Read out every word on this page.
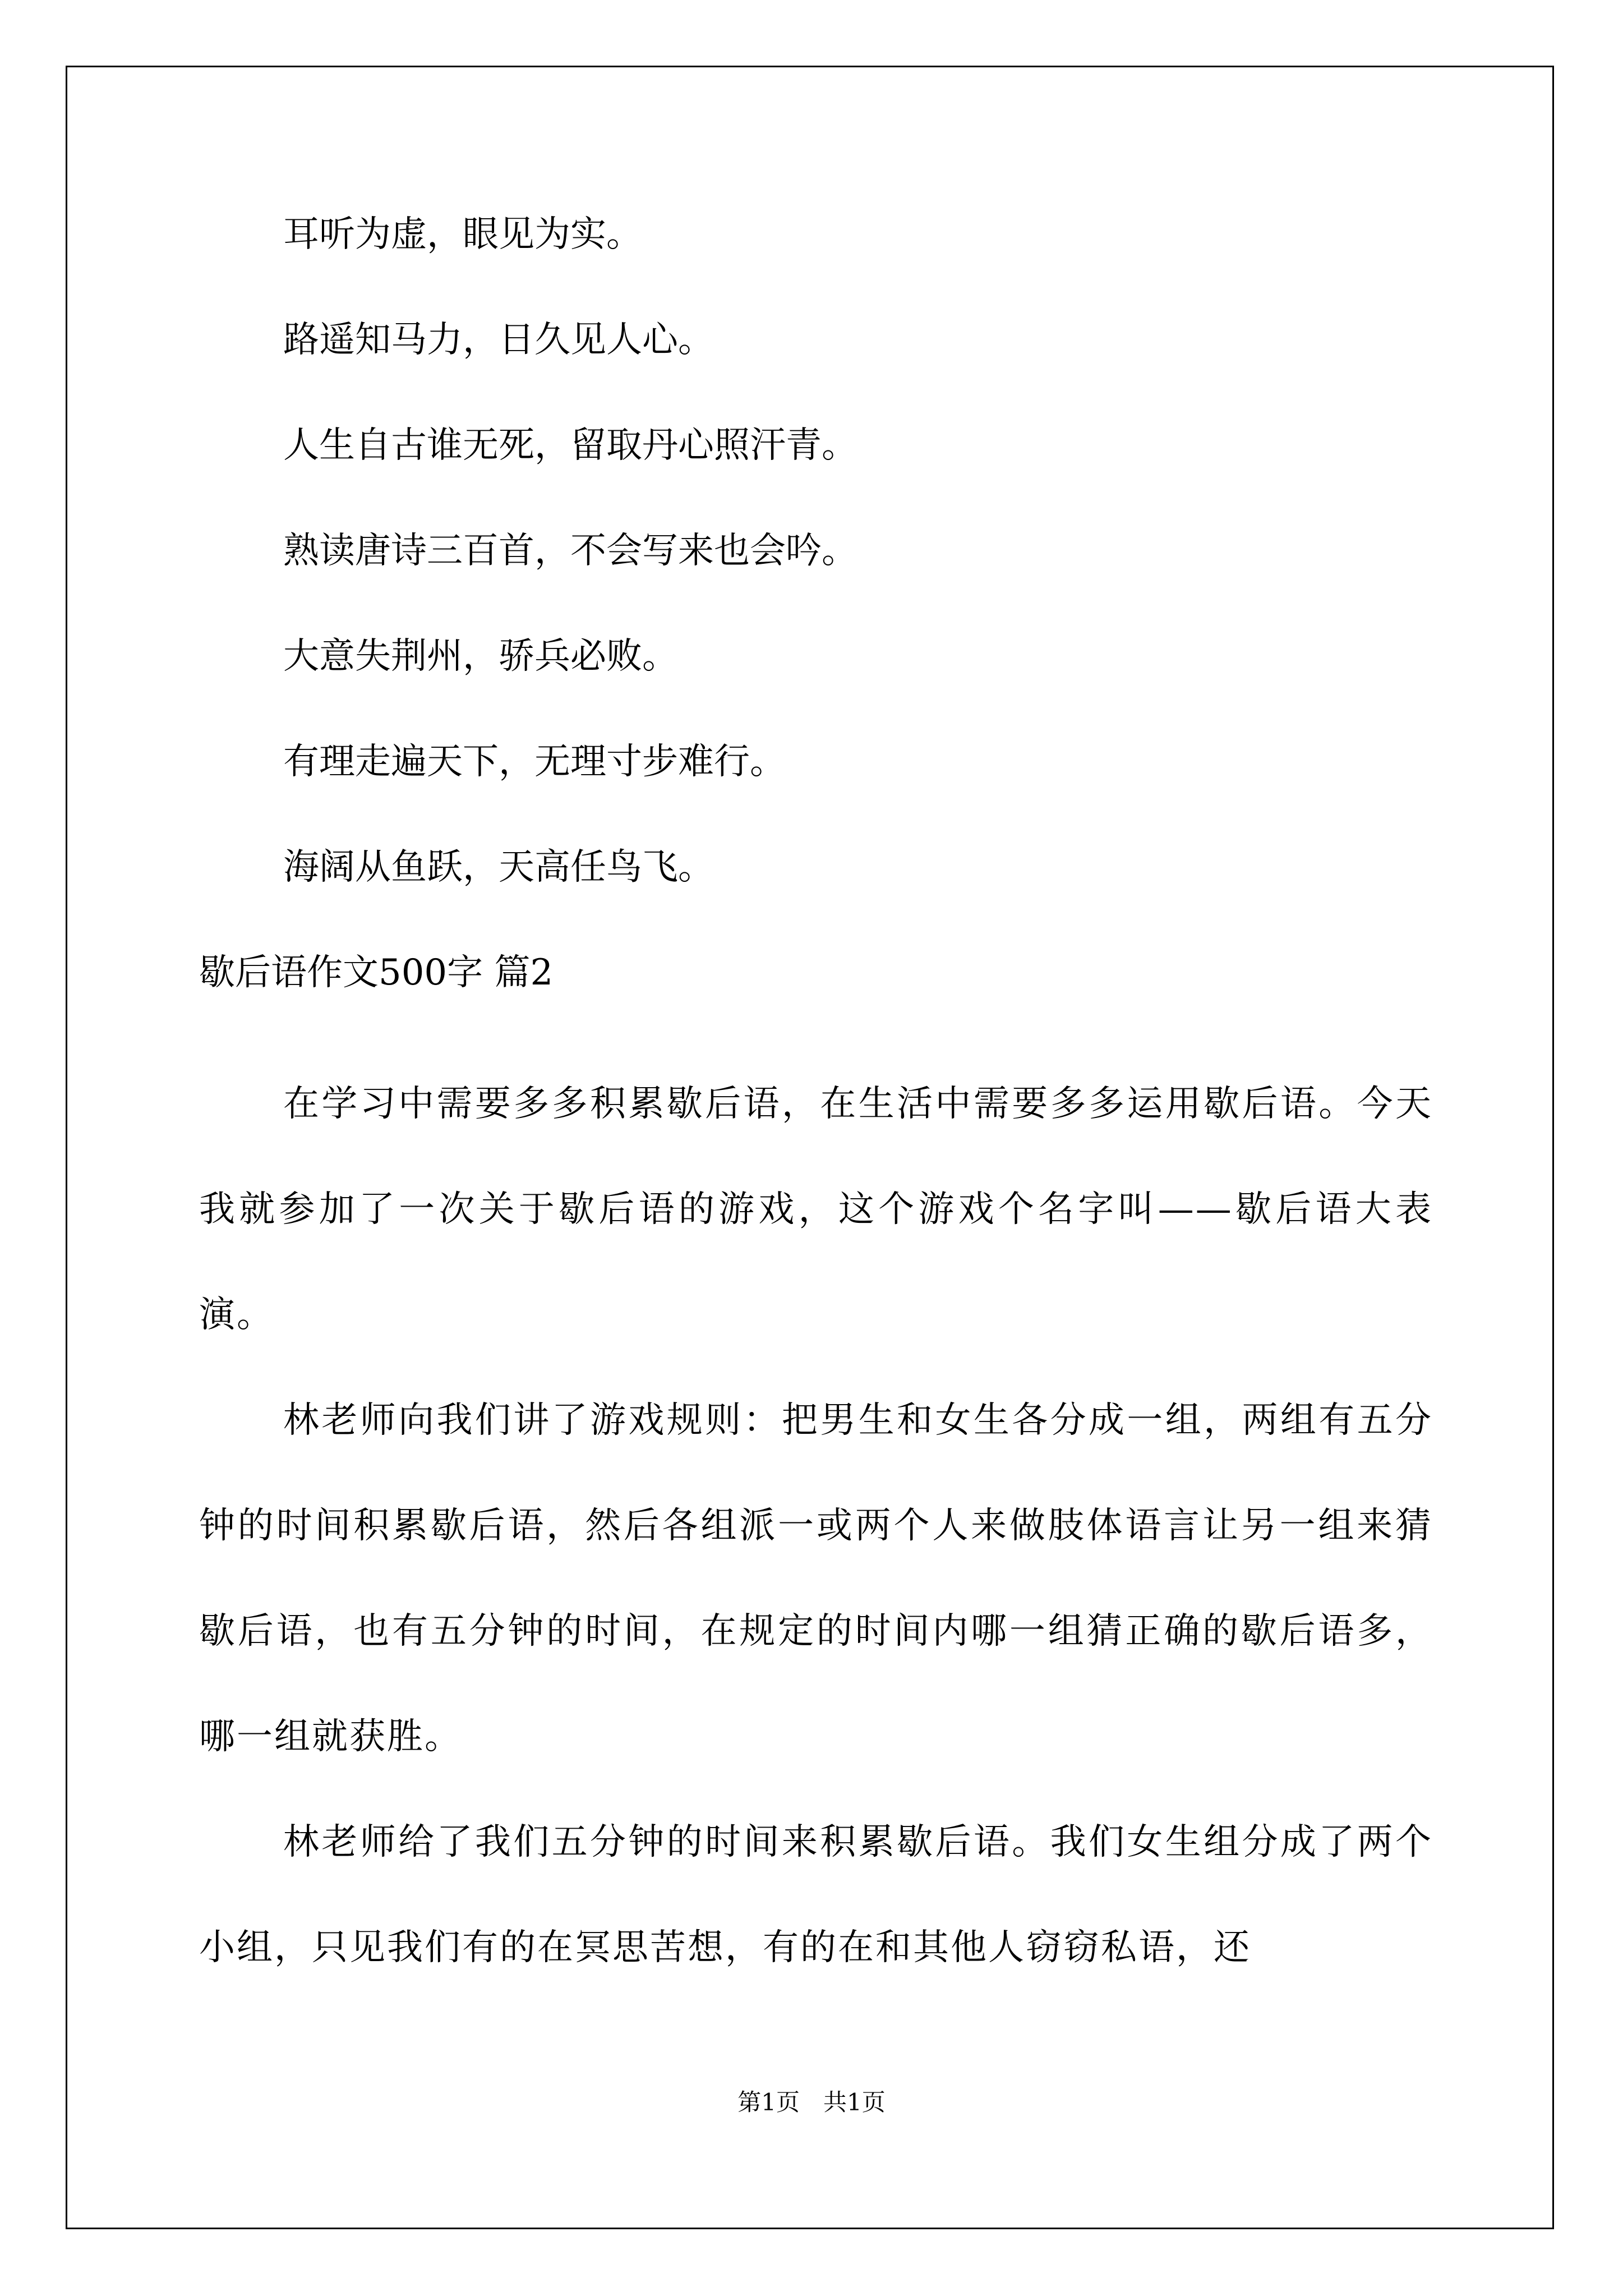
耳听为虚，眼见为实。
路遥知马力，日久见人心。
人生自古谁无死，留取丹心照汗青。
熟读唐诗三百首，不会写来也会吟。
大意失荆州，骄兵必败。
有理走遍天下，无理寸步难行。
海阔从鱼跃，天高任鸟飞。
歇后语作文500字 篇2

在学习中需要多多积累歇后语，在生活中需要多多运用歇后语。今天我就参加了一次关于歇后语的游戏，这个游戏个名字叫——歇后语大表演。

林老师向我们讲了游戏规则：把男生和女生各分成一组，两组有五分钟的时间积累歇后语，然后各组派一或两个人来做肢体语言让另一组来猜歇后语，也有五分钟的时间，在规定的时间内哪一组猜正确的歇后语多，哪一组就获胜。

林老师给了我们五分钟的时间来积累歇后语。我们女生组分成了两个小组，只见我们有的在冥思苦想，有的在和其他人窃窃私语，还

第1页　共1页
